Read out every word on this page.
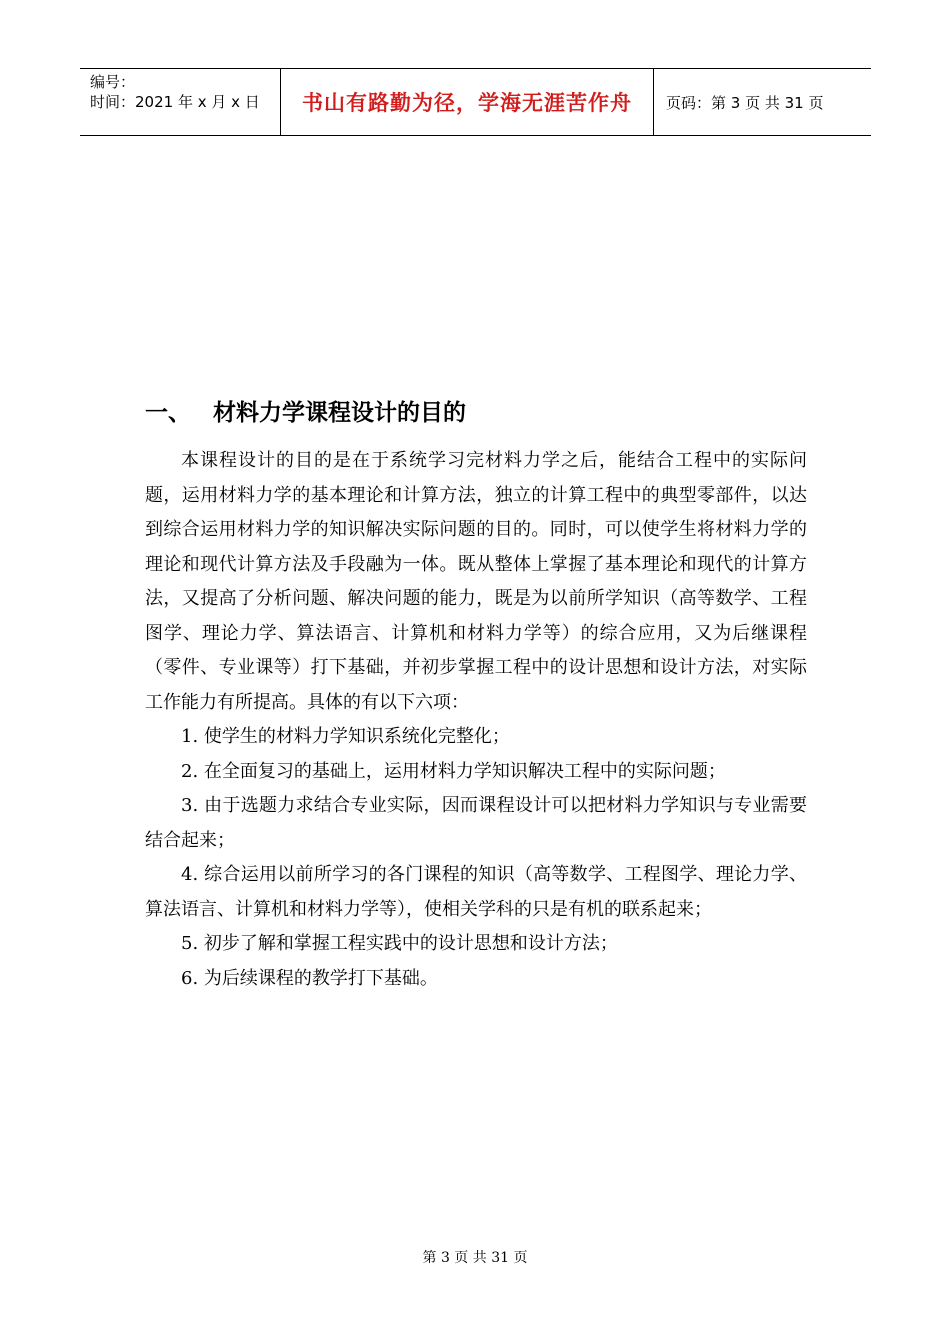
编号：
时间：2021 年 x 月 x 日	书山有路勤为径，学海无涯苦作舟 页码：第 3 页 共 31 页
一、 材料力学课程设计的目的

本课程设计的目的是在于系统学习完材料力学之后，能结合工程中的实际问题，运用材料力学的基本理论和计算方法，独立的计算工程中的典型零部件，以达到综合运用材料力学的知识解决实际问题的目的。同时，可以使学生将材料力学的理论和现代计算方法及手段融为一体。既从整体上掌握了基本理论和现代的计算方法，又提高了分析问题、解决问题的能力，既是为以前所学知识（高等数学、工程图学、理论力学、算法语言、计算机和材料力学等）的综合应用，又为后继课程（零件、专业课等）打下基础，并初步掌握工程中的设计思想和设计方法，对实际工作能力有所提高。具体的有以下六项：

1. 使学生的材料力学知识系统化完整化；

2. 在全面复习的基础上，运用材料力学知识解决工程中的实际问题；

3. 由于选题力求结合专业实际，因而课程设计可以把材料力学知识与专业需要结合起来；

4. 综合运用以前所学习的各门课程的知识（高等数学、工程图学、理论力学、算法语言、计算机和材料力学等），使相关学科的只是有机的联系起来；

5. 初步了解和掌握工程实践中的设计思想和设计方法；

6. 为后续课程的教学打下基础。

第 3 页 共 31 页
